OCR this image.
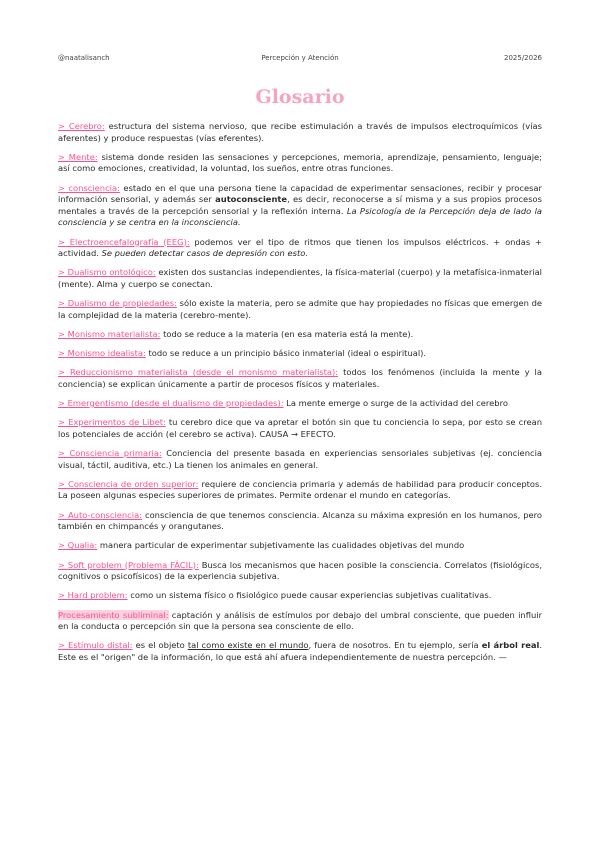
@naatalisanch	Percepción y Atención	2025/2026
Glosario

> Cerebro: estructura del sistema nervioso, que recibe estimulación a través de impulsos electroquímicos (vías aferentes) y produce respuestas (vías eferentes).

> Mente: sistema donde residen las sensaciones y percepciones, memoria, aprendizaje, pensamiento, lenguaje; así como emociones, creatividad, la voluntad, los sueños, entre otras funciones.

> consciencia: estado en el que una persona tiene la capacidad de experimentar sensaciones, recibir y procesar información sensorial, y además ser autoconsciente, es decir, reconocerse a sí misma y a sus propios procesos mentales a través de la percepción sensorial y la reflexión interna. La Psicología de la Percepción deja de lado la consciencia y se centra en la inconsciencia.

> Electroencefalografía (EEG): podemos ver el tipo de ritmos que tienen los impulsos eléctricos. + ondas + actividad. Se pueden detectar casos de depresión con esto.

> Dualismo ontológico: existen dos sustancias independientes, la física-material (cuerpo) y la metafísica-inmaterial (mente). Alma y cuerpo se conectan.

> Dualismo de propiedades: sólo existe la materia, pero se admite que hay propiedades no físicas que emergen de la complejidad de la materia (cerebro-mente).

> Monismo materialista: todo se reduce a la materia (en esa materia está la mente).

> Monismo idealista: todo se reduce a un principio básico inmaterial (ideal o espiritual).

> Reduccionismo materialista (desde el monismo materialista): todos los fenómenos (incluida la mente y la conciencia) se explican únicamente a partir de procesos físicos y materiales.

> Emergentismo (desde el dualismo de propiedades): La mente emerge o surge de la actividad del cerebro

> Experimentos de Libet: tu cerebro dice que va apretar el botón sin que tu conciencia lo sepa, por esto se crean los potenciales de acción (el cerebro se activa). CAUSA → EFECTO.

> Consciencia primaria: Conciencia del presente basada en experiencias sensoriales subjetivas (ej. conciencia visual, táctil, auditiva, etc.) La tienen los animales en general.

> Consciencia de orden superior: requiere de conciencia primaria y además de habilidad para producir conceptos. La poseen algunas especies superiores de primates. Permite ordenar el mundo en categorías.

> Auto-consciencia: consciencia de que tenemos consciencia. Alcanza su máxima expresión en los humanos, pero también en chimpancés y orangutanes.

> Qualia: manera particular de experimentar subjetivamente las cualidades objetivas del mundo

> Soft problem (Problema FÁCIL): Busca los mecanismos que hacen posible la consciencia. Correlatos (fisiológicos, cognitivos o psicofísicos) de la experiencia subjetiva.

> Hard problem: como un sistema físico o fisiológico puede causar experiencias subjetivas cualitativas.

Procesamiento subliminal: captación y análisis de estímulos por debajo del umbral consciente, que pueden influir en la conducta o percepción sin que la persona sea consciente de ello.

> Estímulo distal: es el objeto tal como existe en el mundo, fuera de nosotros. En tu ejemplo, sería el árbol real. Este es el "origen" de la información, lo que está ahí afuera independientemente de nuestra percepción. —
